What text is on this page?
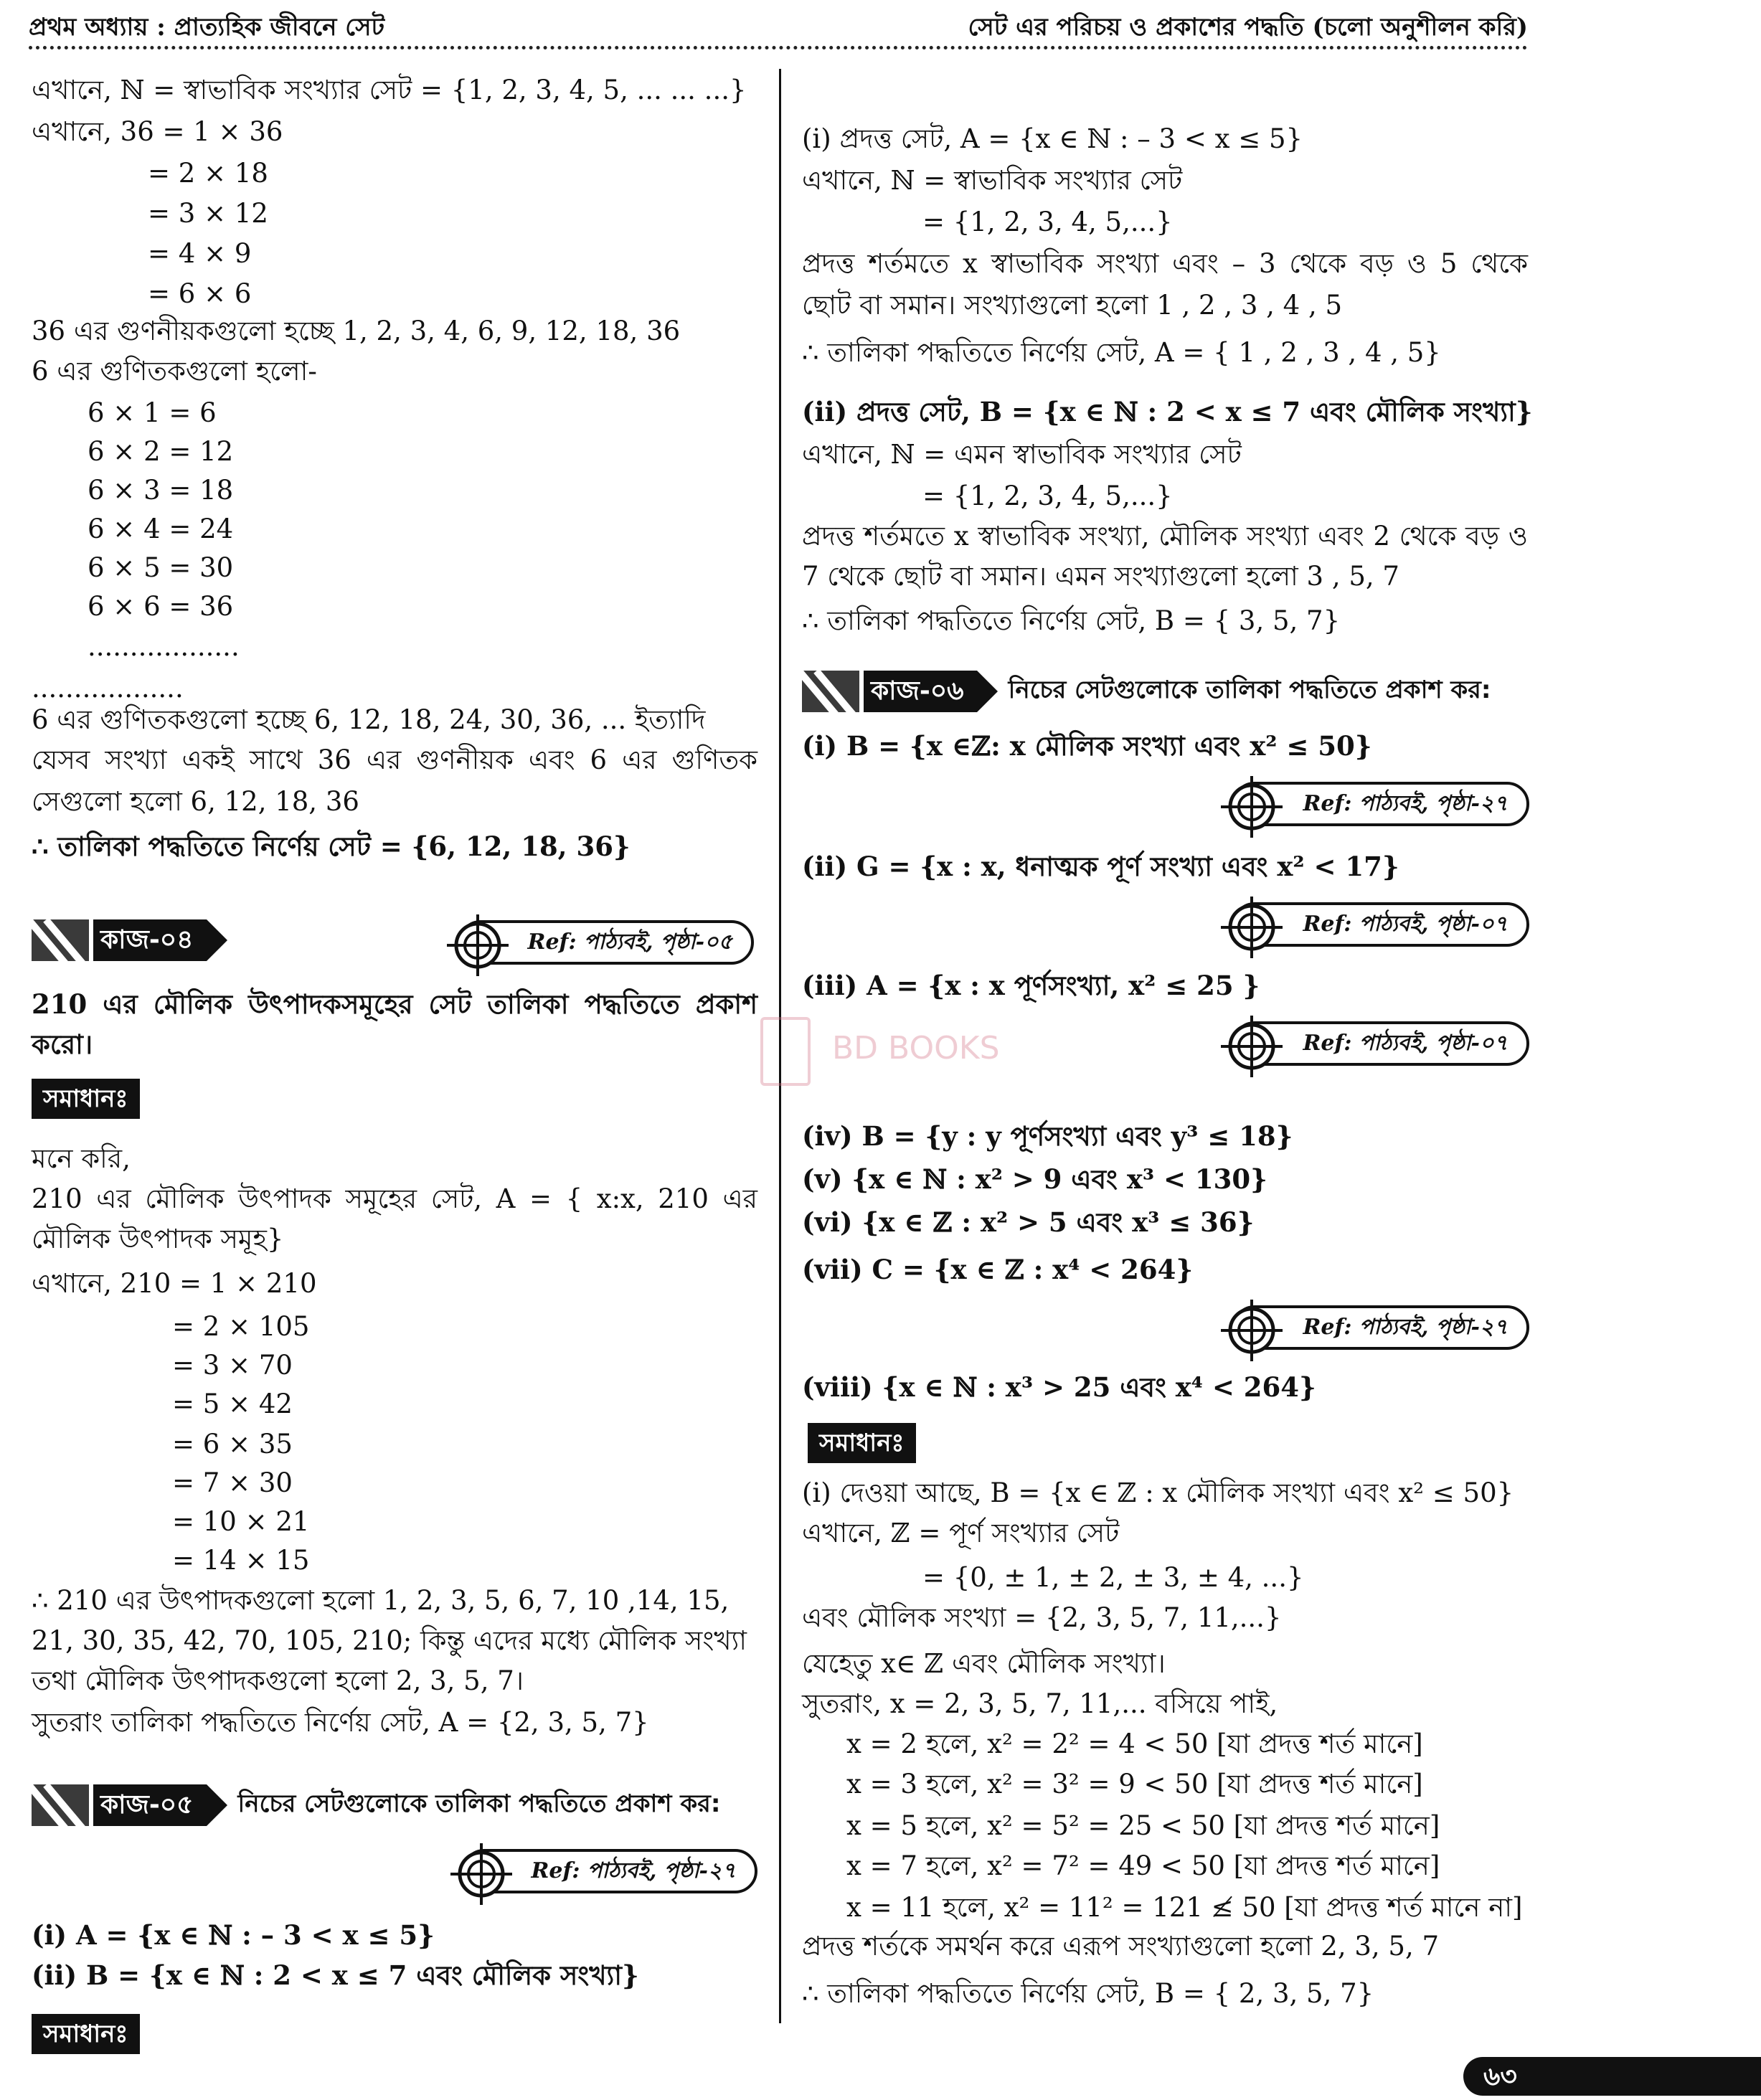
প্রথম অধ্যায় : প্রাত্যহিক জীবনে সেট	সেট এর পরিচয় ও প্রকাশের পদ্ধতি (চলো অনুশীলন করি)
এখানে, ℕ = স্বাভাবিক সংখ্যার সেট = {1, 2, 3, 4, 5, ... ... ...}
এখানে, 36 = 1 × 36
= 2 × 18
= 3 × 12
= 4 × 9
= 6 × 6
36 এর গুণনীয়কগুলো হচ্ছে 1, 2, 3, 4, 6, 9, 12, 18, 36
6 এর গুণিতকগুলো হলো-
6 × 1 = 6
6 × 2 = 12
6 × 3 = 18
6 × 4 = 24
6 × 5 = 30
6 × 6 = 36
..................
..................
6 এর গুণিতকগুলো হচ্ছে 6, 12, 18, 24, 30, 36, ... ইত্যাদি
যেসব সংখ্যা একই সাথে 36 এর গুণনীয়ক এবং 6 এর গুণিতক
সেগুলো হলো 6, 12, 18, 36
∴ তালিকা পদ্ধতিতে নির্ণেয় সেট = {6, 12, 18, 36}
কাজ-০৪	Ref: পাঠ্যবই, পৃষ্ঠা-০৫
210 এর মৌলিক উৎপাদকসমূহের সেট তালিকা পদ্ধতিতে প্রকাশ
করো।
সমাধানঃ
মনে করি,
210 এর মৌলিক উৎপাদক সমূহের সেট, A = { x:x, 210 এর
মৌলিক উৎপাদক সমূহ}
এখানে, 210 = 1 × 210
= 2 × 105
= 3 × 70
= 5 × 42
= 6 × 35
= 7 × 30
= 10 × 21
= 14 × 15
∴ 210 এর উৎপাদকগুলো হলো 1, 2, 3, 5, 6, 7, 10 ,14, 15,
21, 30, 35, 42, 70, 105, 210; কিন্তু এদের মধ্যে মৌলিক সংখ্যা
তথা মৌলিক উৎপাদকগুলো হলো 2, 3, 5, 7।
সুতরাং তালিকা পদ্ধতিতে নির্ণেয় সেট, A = {2, 3, 5, 7}
কাজ-০৫	নিচের সেটগুলোকে তালিকা পদ্ধতিতে প্রকাশ কর:
Ref: পাঠ্যবই, পৃষ্ঠা-২৭
(i) A = {x ∈ ℕ : – 3 < x ≤ 5}
(ii) B = {x ∈ ℕ : 2 < x ≤ 7 এবং মৌলিক সংখ্যা}
সমাধানঃ
(i) প্রদত্ত সেট, A = {x ∈ ℕ : – 3 < x ≤ 5}
এখানে, ℕ = স্বাভাবিক সংখ্যার সেট
= {1, 2, 3, 4, 5,...}
প্রদত্ত শর্তমতে x স্বাভাবিক সংখ্যা এবং – 3 থেকে বড় ও 5 থেকে
ছোট বা সমান। সংখ্যাগুলো হলো 1 , 2 , 3 , 4 , 5
∴ তালিকা পদ্ধতিতে নির্ণেয় সেট, A = { 1 , 2 , 3 , 4 , 5}
(ii) প্রদত্ত সেট, B = {x ∈ ℕ : 2 < x ≤ 7 এবং মৌলিক সংখ্যা}
এখানে, ℕ = এমন স্বাভাবিক সংখ্যার সেট
= {1, 2, 3, 4, 5,...}
প্রদত্ত শর্তমতে x স্বাভাবিক সংখ্যা, মৌলিক সংখ্যা এবং 2 থেকে বড় ও
7 থেকে ছোট বা সমান। এমন সংখ্যাগুলো হলো 3 , 5, 7
∴ তালিকা পদ্ধতিতে নির্ণেয় সেট, B = { 3, 5, 7}
কাজ-০৬	নিচের সেটগুলোকে তালিকা পদ্ধতিতে প্রকাশ কর:
(i) B = {x ∈ℤ: x মৌলিক সংখ্যা এবং x² ≤ 50}
Ref: পাঠ্যবই, পৃষ্ঠা-২৭
(ii) G = {x : x, ধনাত্মক পূর্ণ সংখ্যা এবং x² < 17}
Ref: পাঠ্যবই, পৃষ্ঠা-০৭
(iii) A = {x : x পূর্ণসংখ্যা, x² ≤ 25 }
Ref: পাঠ্যবই, পৃষ্ঠা-০৭
(iv) B = {y : y পূর্ণসংখ্যা এবং y³ ≤ 18}
(v) {x ∈ ℕ : x² > 9 এবং x³ < 130}
(vi) {x ∈ ℤ : x² > 5 এবং x³ ≤ 36}
(vii) C = {x ∈ ℤ : x⁴ < 264}
Ref: পাঠ্যবই, পৃষ্ঠা-২৭
(viii) {x ∈ ℕ : x³ > 25 এবং x⁴ < 264}
সমাধানঃ
(i) দেওয়া আছে, B = {x ∈ ℤ : x মৌলিক সংখ্যা এবং x² ≤ 50}
এখানে, ℤ = পূর্ণ সংখ্যার সেট
= {0, ± 1, ± 2, ± 3, ± 4, ...}
এবং মৌলিক সংখ্যা = {2, 3, 5, 7, 11,...}
যেহেতু x∈ ℤ এবং মৌলিক সংখ্যা।
সুতরাং, x = 2, 3, 5, 7, 11,... বসিয়ে পাই,
x = 2 হলে, x² = 2² = 4 < 50 [যা প্রদত্ত শর্ত মানে]
x = 3 হলে, x² = 3² = 9 < 50 [যা প্রদত্ত শর্ত মানে]
x = 5 হলে, x² = 5² = 25 < 50 [যা প্রদত্ত শর্ত মানে]
x = 7 হলে, x² = 7² = 49 < 50 [যা প্রদত্ত শর্ত মানে]
x = 11 হলে, x² = 11² = 121 ≰ 50 [যা প্রদত্ত শর্ত মানে না]
প্রদত্ত শর্তকে সমর্থন করে এরূপ সংখ্যাগুলো হলো 2, 3, 5, 7
∴ তালিকা পদ্ধতিতে নির্ণেয় সেট, B = { 2, 3, 5, 7}
BD BOOKS
৬৩
